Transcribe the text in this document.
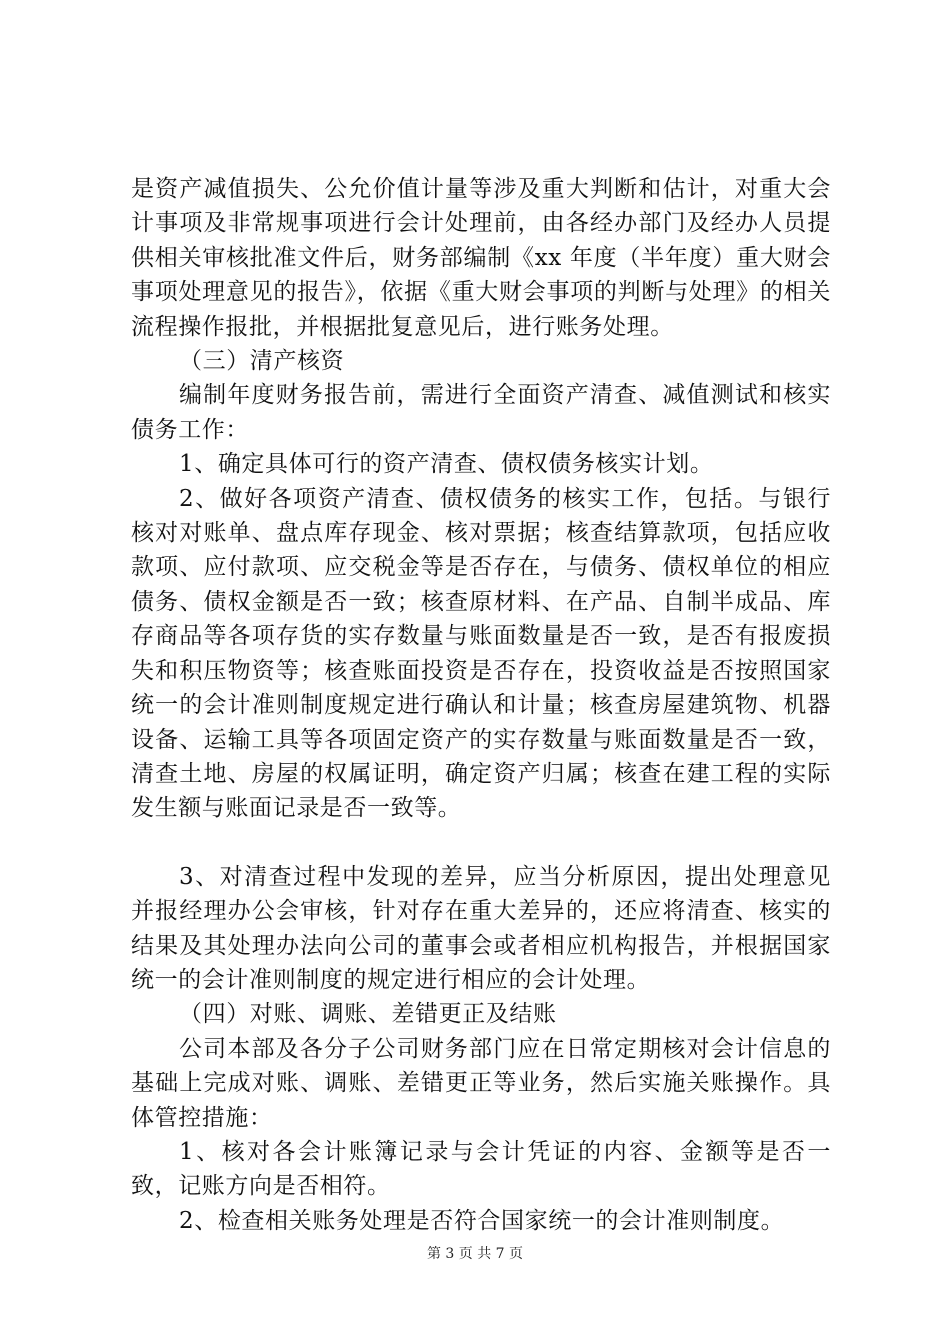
是资产减值损失、公允价值计量等涉及重大判断和估计，对重大会计事项及非常规事项进行会计处理前，由各经办部门及经办人员提供相关审核批准文件后，财务部编制《xx 年度（半年度）重大财会事项处理意见的报告》，依据《重大财会事项的判断与处理》的相关流程操作报批，并根据批复意见后，进行账务处理。

（三）清产核资

编制年度财务报告前，需进行全面资产清查、减值测试和核实债务工作：

1、确定具体可行的资产清查、债权债务核实计划。

2、做好各项资产清查、债权债务的核实工作，包括。与银行核对对账单、盘点库存现金、核对票据；核查结算款项，包括应收款项、应付款项、应交税金等是否存在，与债务、债权单位的相应债务、债权金额是否一致；核查原材料、在产品、自制半成品、库存商品等各项存货的实存数量与账面数量是否一致，是否有报废损失和积压物资等；核查账面投资是否存在，投资收益是否按照国家统一的会计准则制度规定进行确认和计量；核查房屋建筑物、机器设备、运输工具等各项固定资产的实存数量与账面数量是否一致，清查土地、房屋的权属证明，确定资产归属；核查在建工程的实际发生额与账面记录是否一致等。

3、对清查过程中发现的差异，应当分析原因，提出处理意见并报经理办公会审核，针对存在重大差异的，还应将清查、核实的结果及其处理办法向公司的董事会或者相应机构报告，并根据国家统一的会计准则制度的规定进行相应的会计处理。

（四）对账、调账、差错更正及结账

公司本部及各分子公司财务部门应在日常定期核对会计信息的基础上完成对账、调账、差错更正等业务，然后实施关账操作。具体管控措施：

1、核对各会计账簿记录与会计凭证的内容、金额等是否一致，记账方向是否相符。

2、检查相关账务处理是否符合国家统一的会计准则制度。

第 3 页 共 7 页
